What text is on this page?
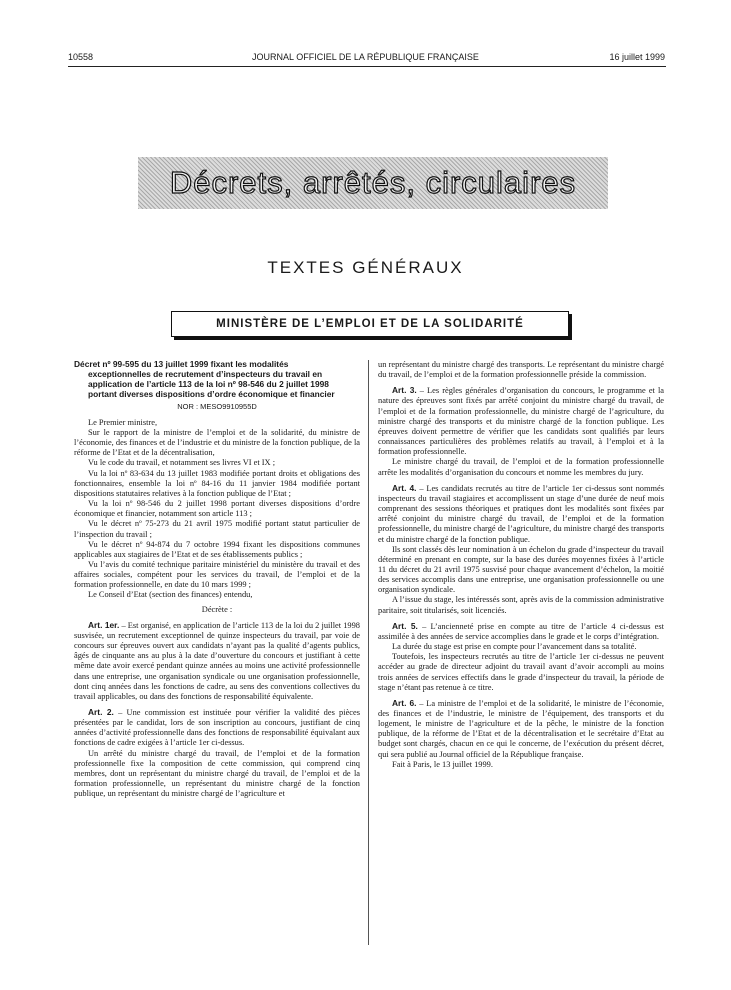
10558	JOURNAL OFFICIEL DE LA RÉPUBLIQUE FRANÇAISE	16 juillet 1999
Décrets, arrêtés, circulaires
TEXTES GÉNÉRAUX
MINISTÈRE DE L’EMPLOI ET DE LA SOLIDARITÉ

Décret nº 99-595 du 13 juillet 1999 fixant les modalités
exceptionnelles de recrutement d’inspecteurs du travail en application de l’article 113 de la loi nº 98-546 du 2 juillet 1998 portant diverses dispositions d’ordre économique et financier

NOR : MESO9910955D

Le Premier ministre,

Sur le rapport de la ministre de l’emploi et de la solidarité, du ministre de l’économie, des finances et de l’industrie et du ministre de la fonction publique, de la réforme de l’Etat et de la décentralisation,

Vu le code du travail, et notamment ses livres VI et IX ;

Vu la loi nº 83-634 du 13 juillet 1983 modifiée portant droits et obligations des fonctionnaires, ensemble la loi nº 84-16 du 11 janvier 1984 modifiée portant dispositions statutaires relatives à la fonction publique de l’Etat ;

Vu la loi nº 98-546 du 2 juillet 1998 portant diverses dispositions d’ordre économique et financier, notamment son article 113 ;

Vu le décret nº 75-273 du 21 avril 1975 modifié portant statut particulier de l’inspection du travail ;

Vu le décret nº 94-874 du 7 octobre 1994 fixant les dispositions communes applicables aux stagiaires de l’Etat et de ses établissements publics ;

Vu l’avis du comité technique paritaire ministériel du ministère du travail et des affaires sociales, compétent pour les services du travail, de l’emploi et de la formation professionnelle, en date du 10 mars 1999 ;

Le Conseil d’Etat (section des finances) entendu,

Décrète :

Art. 1er. – Est organisé, en application de l’article 113 de la loi du 2 juillet 1998 susvisée, un recrutement exceptionnel de quinze inspecteurs du travail, par voie de concours sur épreuves ouvert aux candidats n’ayant pas la qualité d’agents publics, âgés de cinquante ans au plus à la date d’ouverture du concours et justifiant à cette même date avoir exercé pendant quinze années au moins une activité professionnelle dans une entreprise, une organisation syndicale ou une organisation professionnelle, dont cinq années dans les fonctions de cadre, au sens des conventions collectives du travail applicables, ou dans des fonctions de responsabilité équivalente.

Art. 2. – Une commission est instituée pour vérifier la validité des pièces présentées par le candidat, lors de son inscription au concours, justifiant de cinq années d’activité professionnelle dans des fonctions de responsabilité équivalant aux fonctions de cadre exigées à l’article 1er ci-dessus.

Un arrêté du ministre chargé du travail, de l’emploi et de la formation professionnelle fixe la composition de cette commission, qui comprend cinq membres, dont un représentant du ministre chargé du travail, de l’emploi et de la formation professionnelle, un représentant du ministre chargé de la fonction publique, un représentant du ministre chargé de l’agriculture et

un représentant du ministre chargé des transports. Le représentant du ministre chargé du travail, de l’emploi et de la formation professionnelle préside la commission.

Art. 3. – Les règles générales d’organisation du concours, le programme et la nature des épreuves sont fixés par arrêté conjoint du ministre chargé du travail, de l’emploi et de la formation professionnelle, du ministre chargé de l’agriculture, du ministre chargé des transports et du ministre chargé de la fonction publique. Les épreuves doivent permettre de vérifier que les candidats sont qualifiés par leurs connaissances particulières des problèmes relatifs au travail, à l’emploi et à la formation professionnelle.

Le ministre chargé du travail, de l’emploi et de la formation professionnelle arrête les modalités d’organisation du concours et nomme les membres du jury.

Art. 4. – Les candidats recrutés au titre de l’article 1er ci-dessus sont nommés inspecteurs du travail stagiaires et accomplissent un stage d’une durée de neuf mois comprenant des sessions théoriques et pratiques dont les modalités sont fixées par arrêté conjoint du ministre chargé du travail, de l’emploi et de la formation professionnelle, du ministre chargé de l’agriculture, du ministre chargé des transports et du ministre chargé de la fonction publique.

Ils sont classés dès leur nomination à un échelon du grade d’inspecteur du travail déterminé en prenant en compte, sur la base des durées moyennes fixées à l’article 11 du décret du 21 avril 1975 susvisé pour chaque avancement d’échelon, la moitié des services accomplis dans une entreprise, une organisation professionnelle ou une organisation syndicale.

A l’issue du stage, les intéressés sont, après avis de la commission administrative paritaire, soit titularisés, soit licenciés.

Art. 5. – L’ancienneté prise en compte au titre de l’article 4 ci-dessus est assimilée à des années de service accomplies dans le grade et le corps d’intégration.

La durée du stage est prise en compte pour l’avancement dans sa totalité.

Toutefois, les inspecteurs recrutés au titre de l’article 1er ci-dessus ne peuvent accéder au grade de directeur adjoint du travail avant d’avoir accompli au moins trois années de services effectifs dans le grade d’inspecteur du travail, la période de stage n’étant pas retenue à ce titre.

Art. 6. – La ministre de l’emploi et de la solidarité, le ministre de l’économie, des finances et de l’industrie, le ministre de l’équipement, des transports et du logement, le ministre de l’agriculture et de la pêche, le ministre de la fonction publique, de la réforme de l’Etat et de la décentralisation et le secrétaire d’Etat au budget sont chargés, chacun en ce qui le concerne, de l’exécution du présent décret, qui sera publié au Journal officiel de la République française.

Fait à Paris, le 13 juillet 1999.
